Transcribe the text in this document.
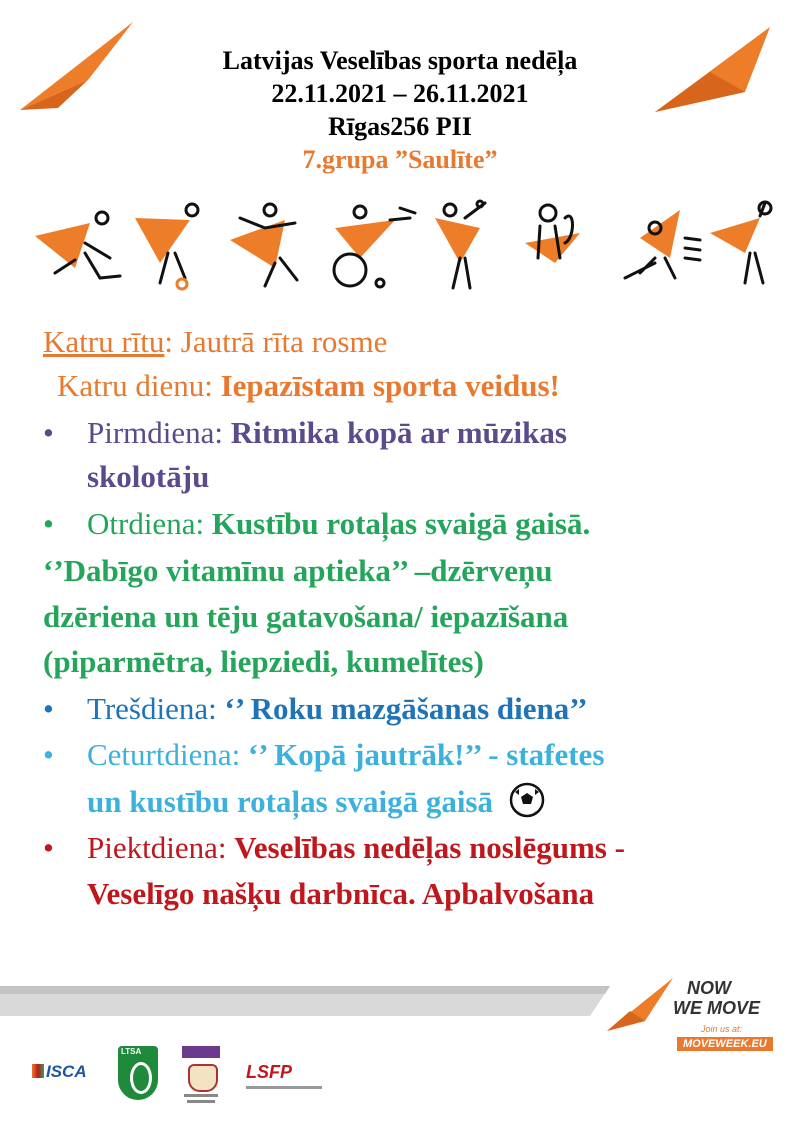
Latvijas Veselības sporta nedēļa
22.11.2021 – 26.11.2021
Rīgas256 PII
7.grupa ”Saulīte”
Katru rītu: Jautrā rīta rosme
Katru dienu: Iepazīstam sporta veidus!
• Pirmdiena: Ritmika kopā ar mūzikas
skolotāju
• Otrdiena: Kustību rotaļas svaigā gaisā.
‘’Dabīgo vitamīnu aptieka’’ –dzērveņu
dzēriena un tēju gatavošana/ iepazīšana
(piparmētra, liepziedi, kumelītes)
• Trešdiena: ‘’ Roku mazgāšanas diena’’
• Ceturtdiena: ‘’ Kopā jautrāk!’’ - stafetes
un kustību rotaļas svaigā gaisā
• Piektdiena: Veselības nedēļas noslēgums -
Veselīgo našķu darbnīca. Apbalvošana
NOW
WE MOVE
Join us at:
MOVEWEEK.EU
ISCA
LTSA
LSFP
